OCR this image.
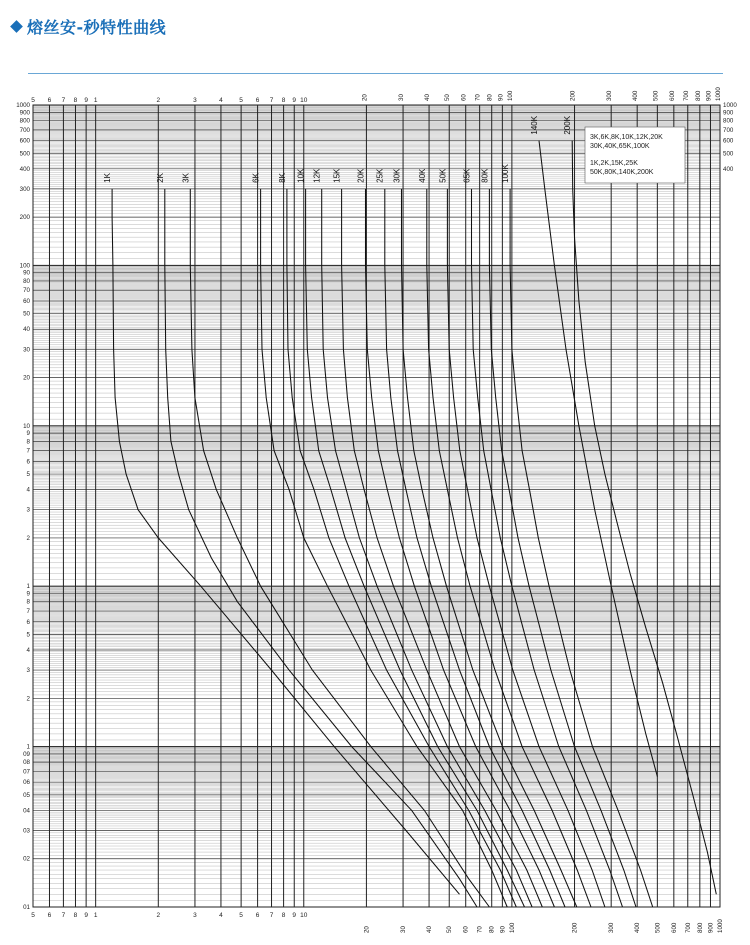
熔丝安-秒特性曲线
5 6 7 8 9 1	2	3	4	5 6 7 8 9 10	20	30	40 50 60 70 80 90 100	200	300	400 500 600 700 800 900 1000
5 6 7 8 9 1	2	3	4	5 6 7 8 9 10
20	30	40 50 60 70 80 90 100	200	300	400 500 600 700 800 900 1000
1000
900
800
700
600
500
400
300
200
100
90
80
70
60
50
40
30
20
10
9
8
7
6
5
4
3
2
1
9
8
7
6
5
4
3
2
1
09
08
07
06
05
04
03
02
01
1000
900
800
700
600
500
400
3K,6K,8K,10K,12K,20K
30K,40K,65K,100K
1K,2K,15K,25K
50K,80K,140K,200K
1K	2K 3K	6K 8K 10K 12K 15K 20K 25K 30K 40K 50K 65K 80K 100K
140K	200K
